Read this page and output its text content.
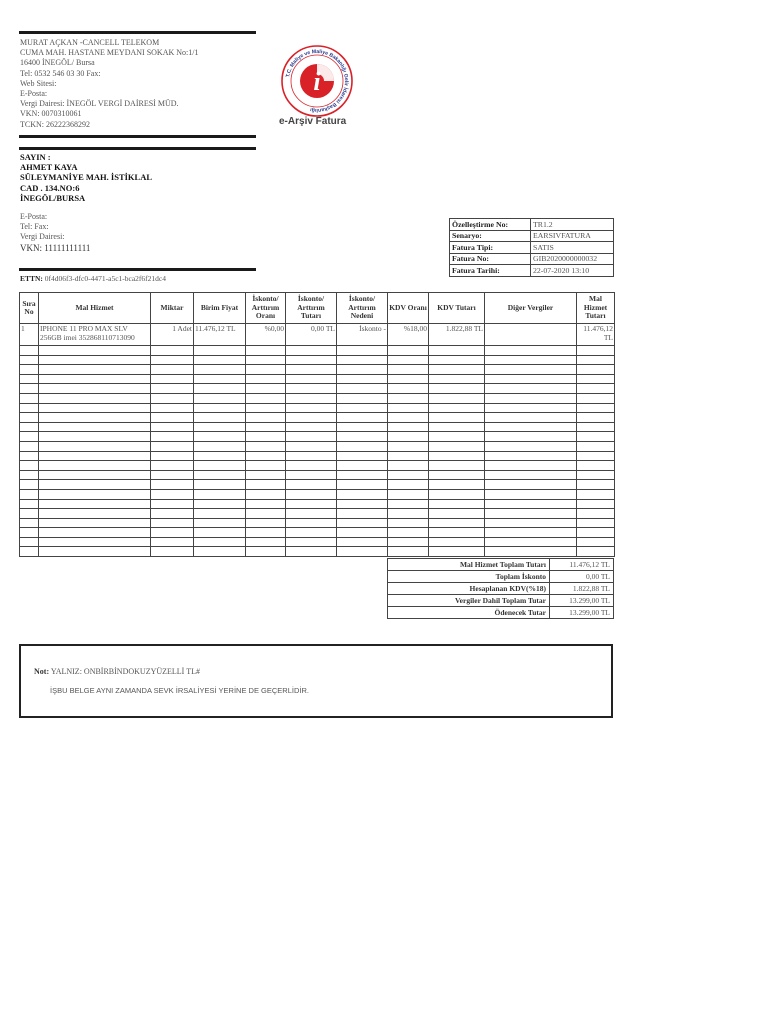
MURAT AÇKAN -CANCELL TELEKOM
CUMA MAH. HASTANE MEYDANI SOKAK No:1/1
16400 İNEGÖL/ Bursa
Tel: 0532 546 03 30 Fax:
Web Sitesi:
E-Posta:
Vergi Dairesi: İNEGÖL VERGİ DAİRESİ MÜD.
VKN: 0070310061
TCKN: 26222368292
T.C. Maliye ve Maliye Bakanlığı Gelir İdaresi Başkanlığı
i
e-Arşiv Fatura
SAYIN :
AHMET KAYA
SÜLEYMANİYE MAH. İSTİKLAL
CAD . 134.NO:6
İNEGÖL/BURSA
E-Posta:
Tel: Fax:
Vergi Dairesi:
VKN: 11111111111
Özelleştirme No:	TR1.2
Senaryo:	EARSIVFATURA
Fatura Tipi:	SATIS
Fatura No:	GIB2020000000032
Fatura Tarihi:	22-07-2020 13:10
ETTN: 0f4d06f3-dfc0-4471-a5c1-bca2f6f21dc4
Sıra No	Mal Hizmet	Miktar	Birim Fiyat	İskonto/ Arttırım Oranı	İskonto/ Arttırım Tutarı	İskonto/ Arttırım Nedeni	KDV Oranı	KDV Tutarı	Diğer Vergiler	Mal Hizmet Tutarı
1	IPHONE 11 PRO MAX SLV 256GB imei 352868110713090	1 Adet	11.476,12 TL	%0,00	0,00 TL	İskonto -	%18,00	1.822,88 TL		11.476,12 TL

Mal Hizmet Toplam Tutarı	11.476,12 TL
Toplam İskonto	0,00 TL
Hesaplanan KDV(%18)	1.822,88 TL
Vergiler Dahil Toplam Tutar	13.299,00 TL
Ödenecek Tutar	13.299,00 TL
Not: YALNIZ: ONBİRBİNDOKUZYÜZELLİ TL#
İŞBU BELGE AYNI ZAMANDA SEVK İRSALİYESİ YERİNE DE GEÇERLİDİR.
